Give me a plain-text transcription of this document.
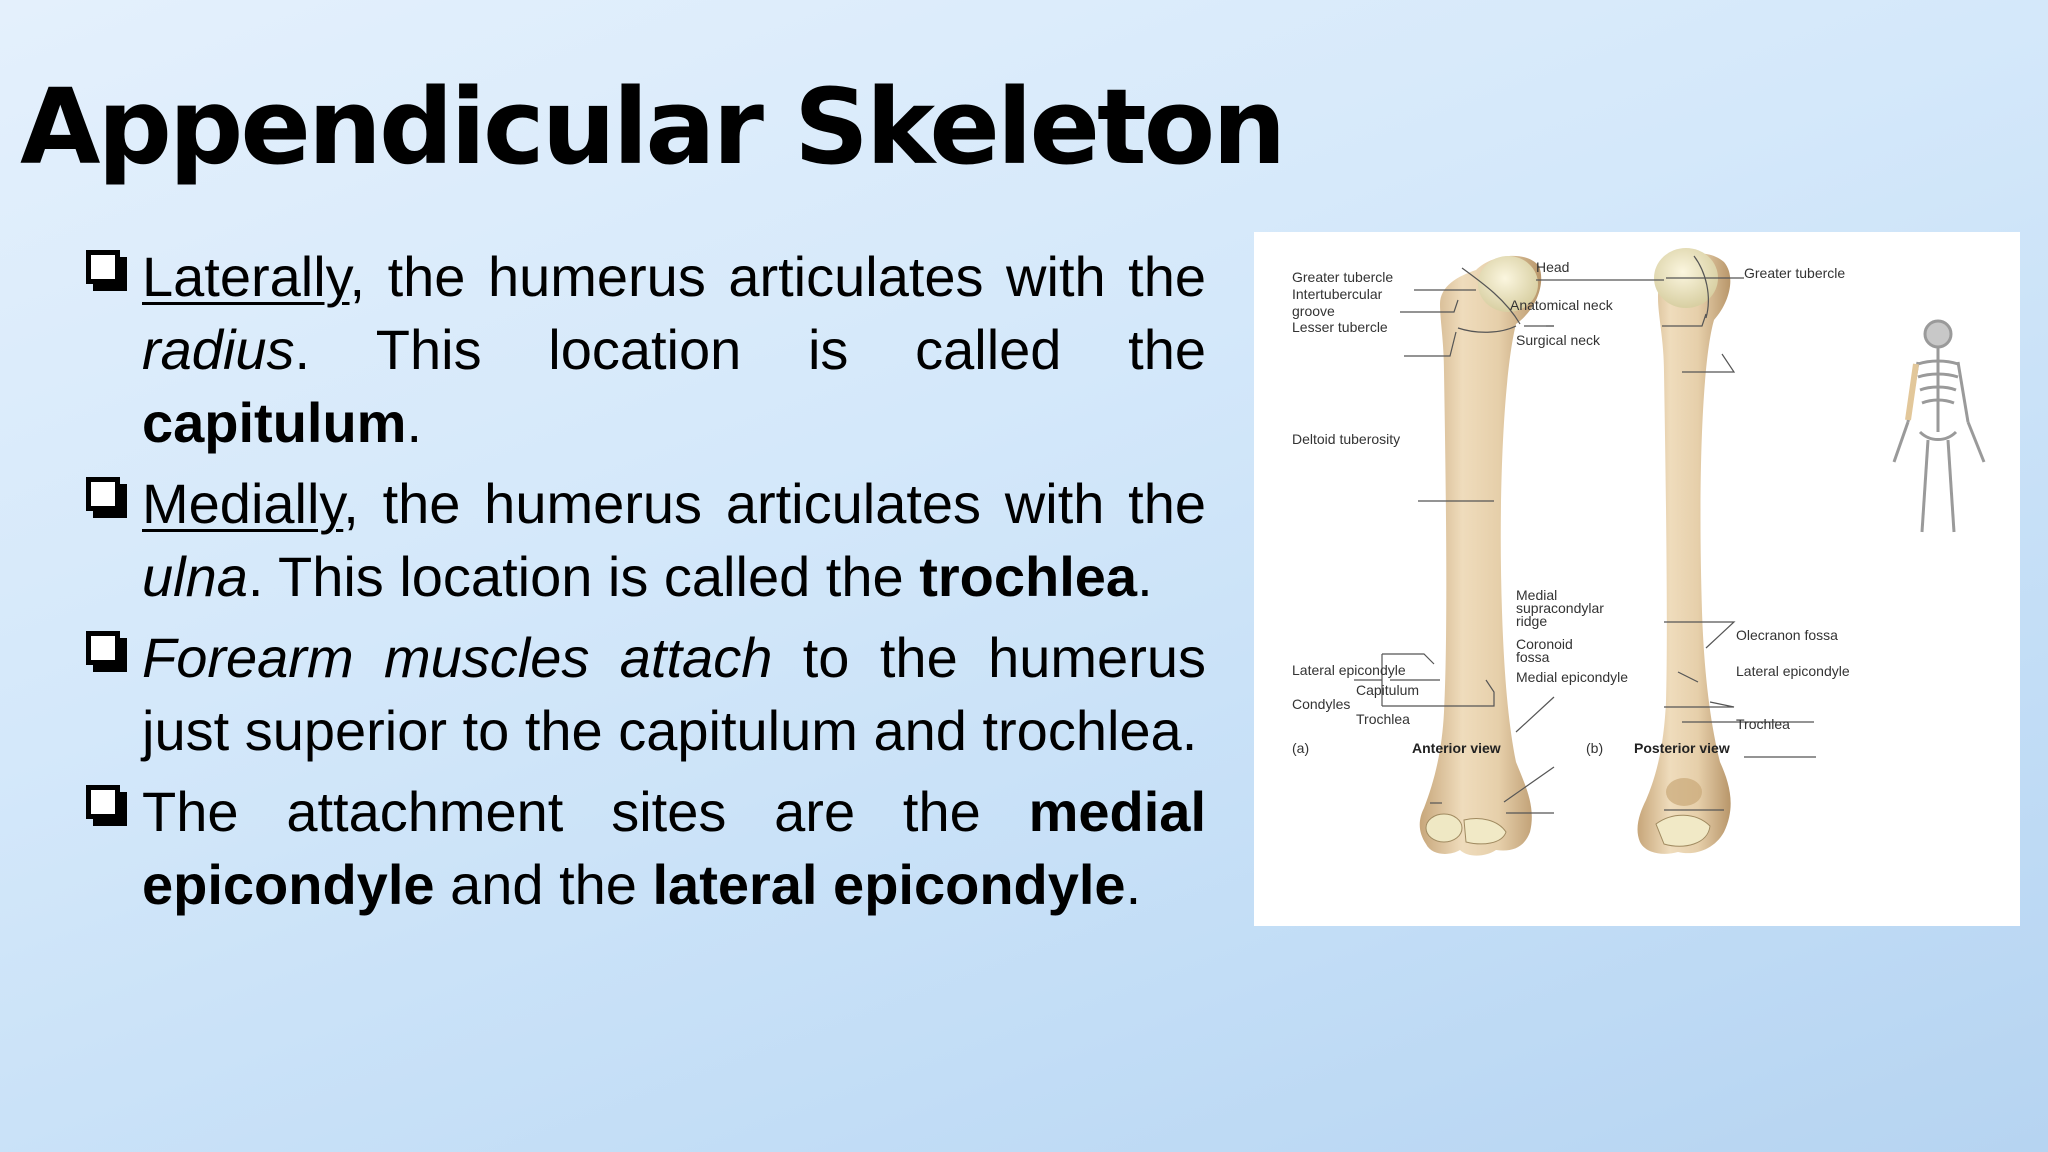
Appendicular Skeleton
Laterally, the humerus articulates with the radius. This location is called the capitulum.
Medially, the humerus articulates with the ulna. This location is called the trochlea.
Forearm muscles attach to the humerus just superior to the capitulum and trochlea.
The attachment sites are the medial epicondyle and the lateral epicondyle.
Greater tubercle
Intertubercular
groove
Lesser tubercle
Deltoid tuberosity
Lateral epicondyle
Condyles
Capitulum
Trochlea
(a)	Anterior view
Head
Anatomical neck
Surgical neck
Medial
supracondylar
ridge
Coronoid
fossa
Medial epicondyle
Greater tubercle
Olecranon fossa
Lateral epicondyle
Trochlea
(b) Posterior view
